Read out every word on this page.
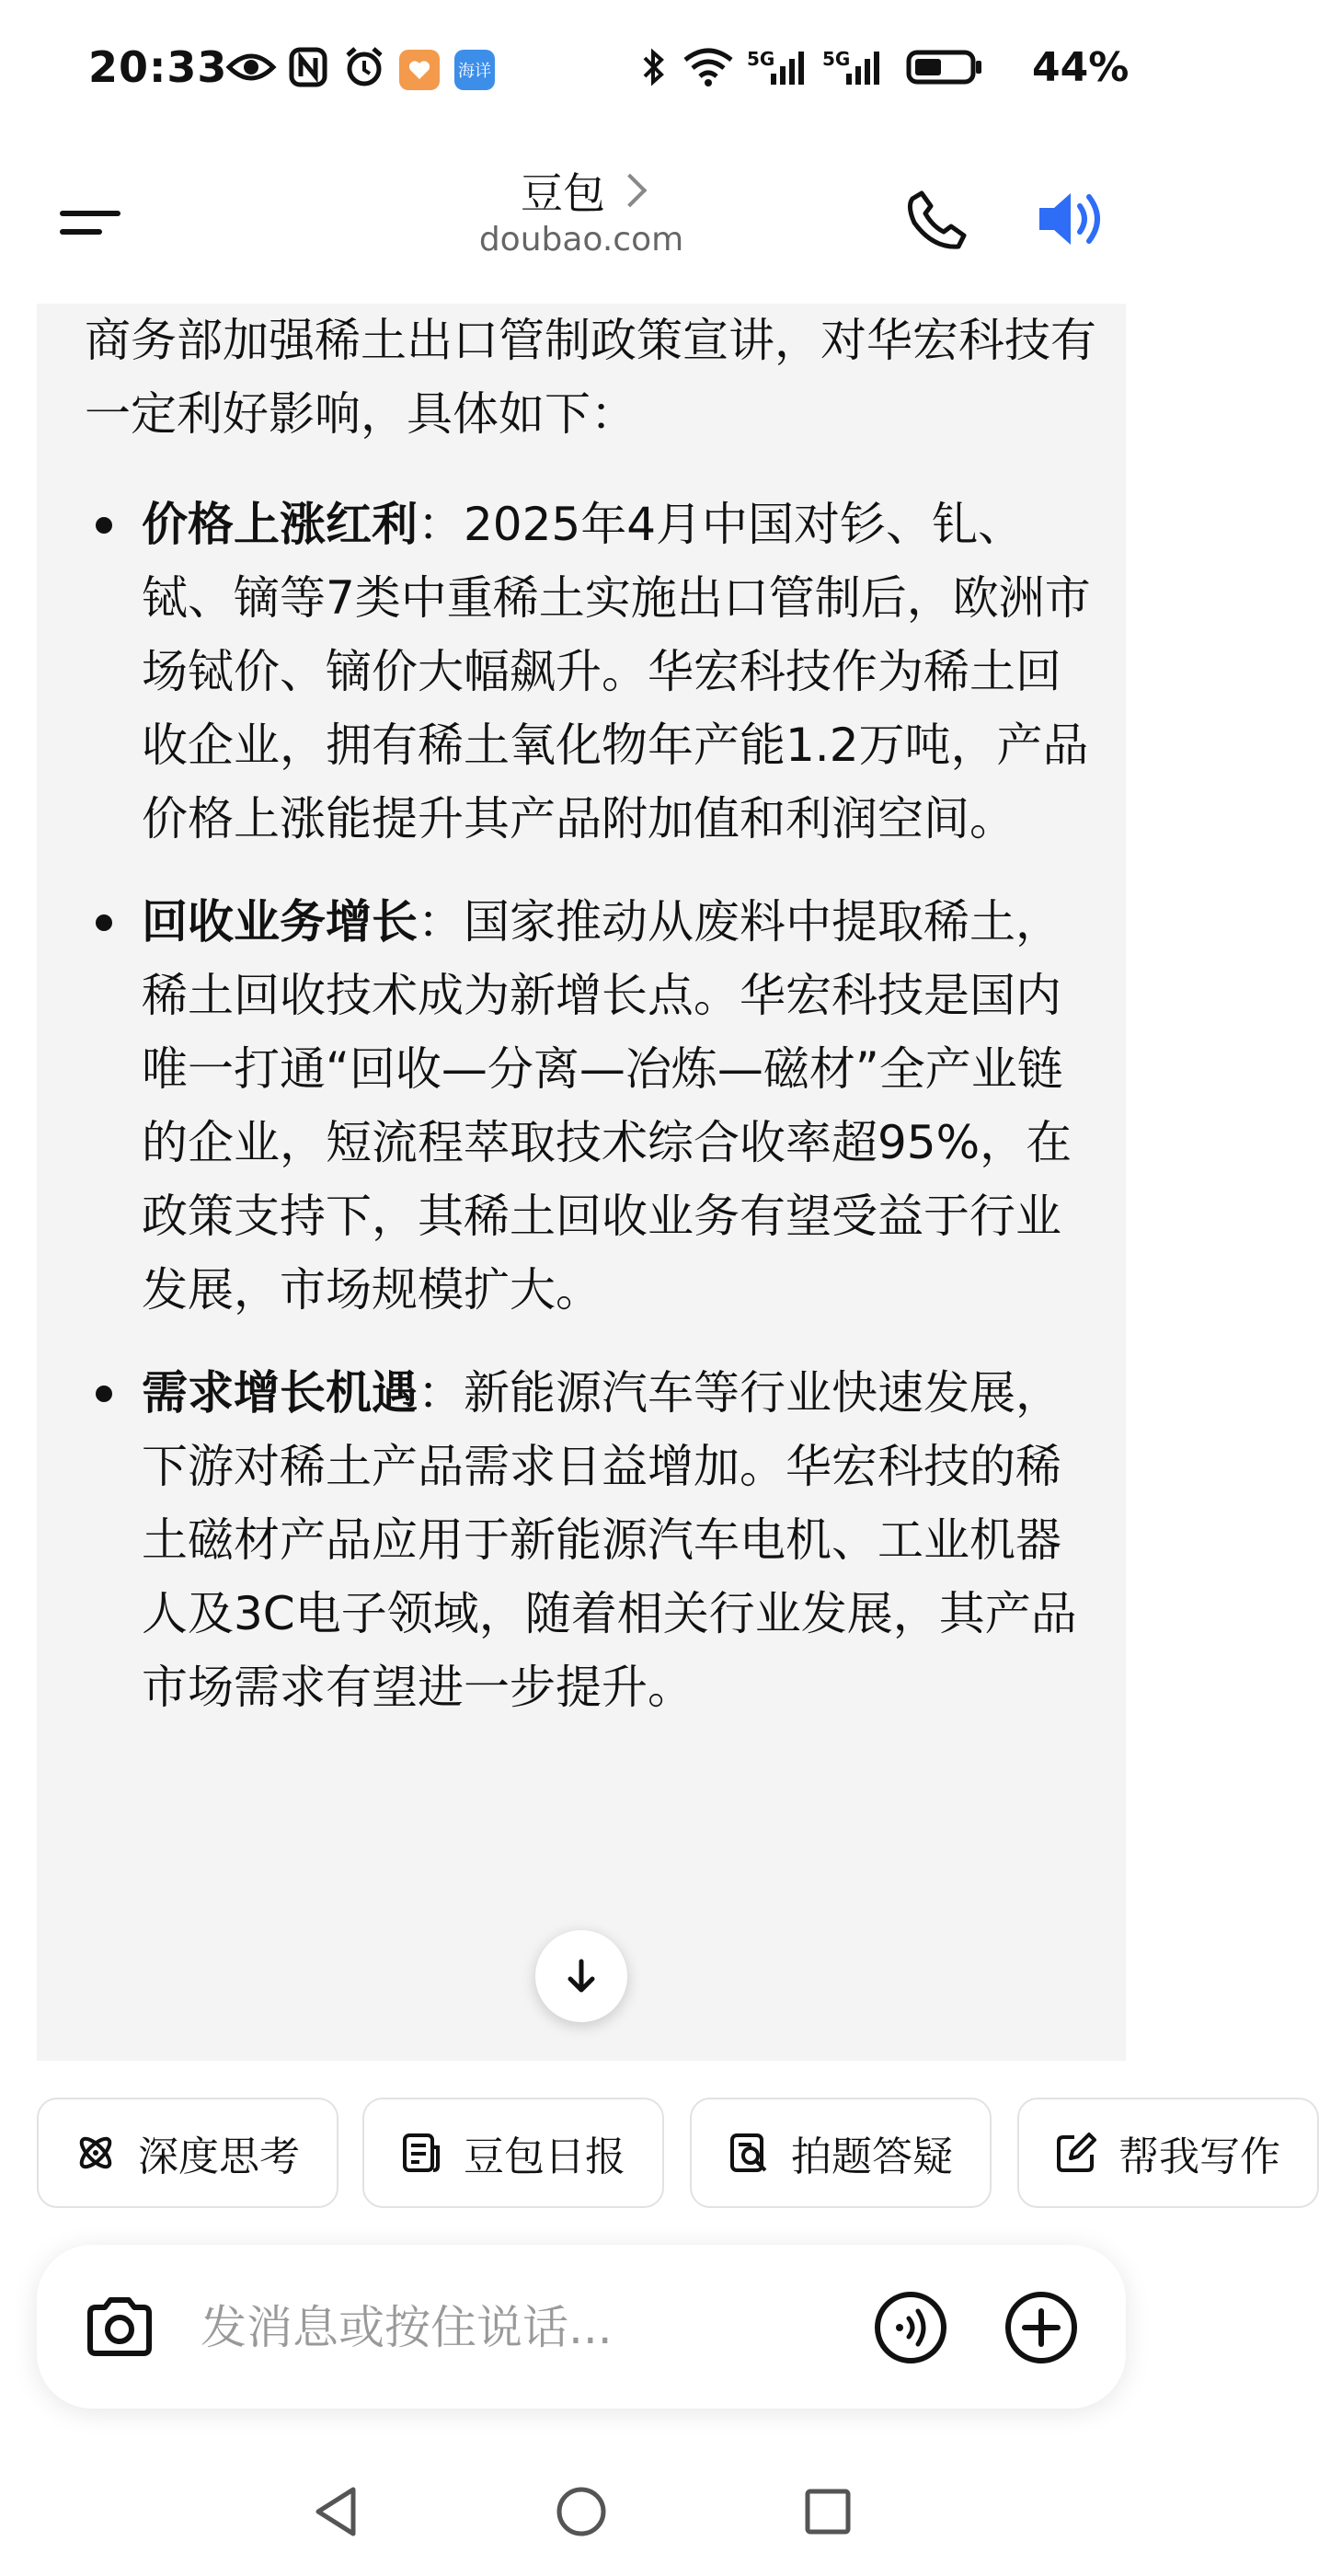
20:33	海详
5G	5G	44%
豆包
doubao.com

商务部加强稀土出口管制政策宣讲，对华宏科技有一定利好影响，具体如下：

价格上涨红利：2025年4月中国对钐、钆、铽、镝等7类中重稀土实施出口管制后，欧洲市场铽价、镝价大幅飙升。华宏科技作为稀土回收企业，拥有稀土氧化物年产能1.2万吨，产品价格上涨能提升其产品附加值和利润空间。
回收业务增长：国家推动从废料中提取稀土，稀土回收技术成为新增长点。华宏科技是国内唯一打通“回收—分离—冶炼—磁材”全产业链的企业，短流程萃取技术综合收率超95%，在政策支持下，其稀土回收业务有望受益于行业发展，市场规模扩大。
需求增长机遇：新能源汽车等行业快速发展，下游对稀土产品需求日益增加。华宏科技的稀土磁材产品应用于新能源汽车电机、工业机器人及3C电子领域，随着相关行业发展，其产品市场需求有望进一步提升。
深度思考	豆包日报	拍题答疑	帮我写作
发消息或按住说话...
